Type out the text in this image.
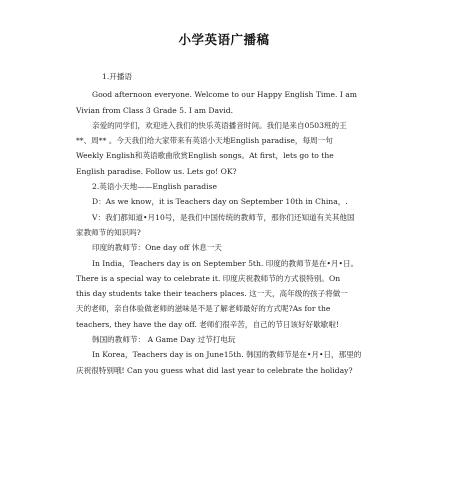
小学英语广播稿
1.开播语
Good afternoon everyone. Welcome to our Happy English Time. I am
Vivian from Class 3 Grade 5. I am David.
亲爱的同学们，欢迎进入我们的快乐英语播音时间。我们是来自0503班的王
**、周** 。今天我们给大家带来有英语小天地English paradise，每周一句
Weekly English和英语歌曲欣赏English songs。At first，lets go to the
English paradise. Follow us. Lets go! OK?
2.英语小天地——English paradise
D：As we know，it is Teachers day on September 10th in China，.
V：我们都知道•月10号，是我们中国传统的教师节，那你们还知道有关其他国
家教师节的知识吗?
印度的教师节：One day off 休息一天
In India，Teachers day is on September 5th. 印度的教师节是在•月•日。
There is a special way to celebrate it. 印度庆祝教师节的方式很特别。On
this day students take their teachers places. 这一天，高年级的孩子将做一
天的老师，亲自体验做老师的滋味是不是了解老师最好的方式呢?As for the
teachers, they have the day off. 老师们很辛苦，自己的节日该好好歇歇啦!
韩国的教师节： A Game Day 过节打电玩
In Korea，Teachers day is on June15th. 韩国的教师节是在•月•日，那里的
庆祝很特别哦! Can you guess what did last year to celebrate the holiday?
